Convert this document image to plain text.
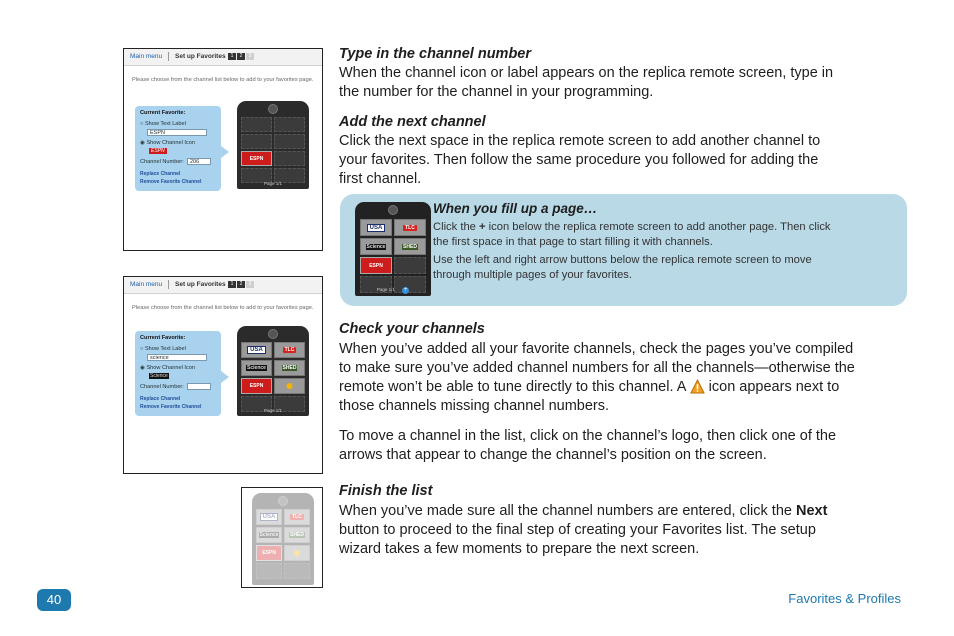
Main menu Set up Favorites	1	2	3
Please choose from the channel list below to add to your favorites page.
Current Favorite:
○ Show Text Label
ESPN
◉ Show Channel Icon
ESPN
Channel Number:	206
Replace Channel
Remove Favorite Channel
ESPN
Page 1/1
Main menu Set up Favorites	1	2	3
Please choose from the channel list below to add to your favorites page.
Current Favorite:
○ Show Text Label
science
◉ Show Channel Icon
Science
Channel Number:
Replace Channel
Remove Favorite Channel
USA	TLC
Science	SHED
ESPN	✺
Page 1/1
USA	TLC
Science SHED
ESPN ✺
Type in the channel number
When the channel icon or label appears on the replica remote screen, type in
the number for the channel in your programming.
Add the next channel
Click the next space in the replica remote screen to add another channel to
your favorites. Then follow the same procedure you followed for adding the
first channel.
USA	TLC
Science	SHED
ESPN
Page 1/1 +
When you fill up a page…
Click the + icon below the replica remote screen to add another page. Then click
the first space in that page to start filling it with channels.
Use the left and right arrow buttons below the replica remote screen to move
through multiple pages of your favorites.
Check your channels
When you’ve added all your favorite channels, check the pages you’ve compiled
to make sure you’ve added channel numbers for all the channels—otherwise the
remote won’t be able to tune directly to this channel. A  icon appears next to
those channels missing channel numbers.
To move a channel in the list, click on the channel’s logo, then click one of the
arrows that appear to change the channel’s position on the screen.
Finish the list
When you’ve made sure all the channel numbers are entered, click the Next
button to proceed to the final step of creating your Favorites list. The setup
wizard takes a few moments to prepare the next screen.
40	Favorites & Profiles
